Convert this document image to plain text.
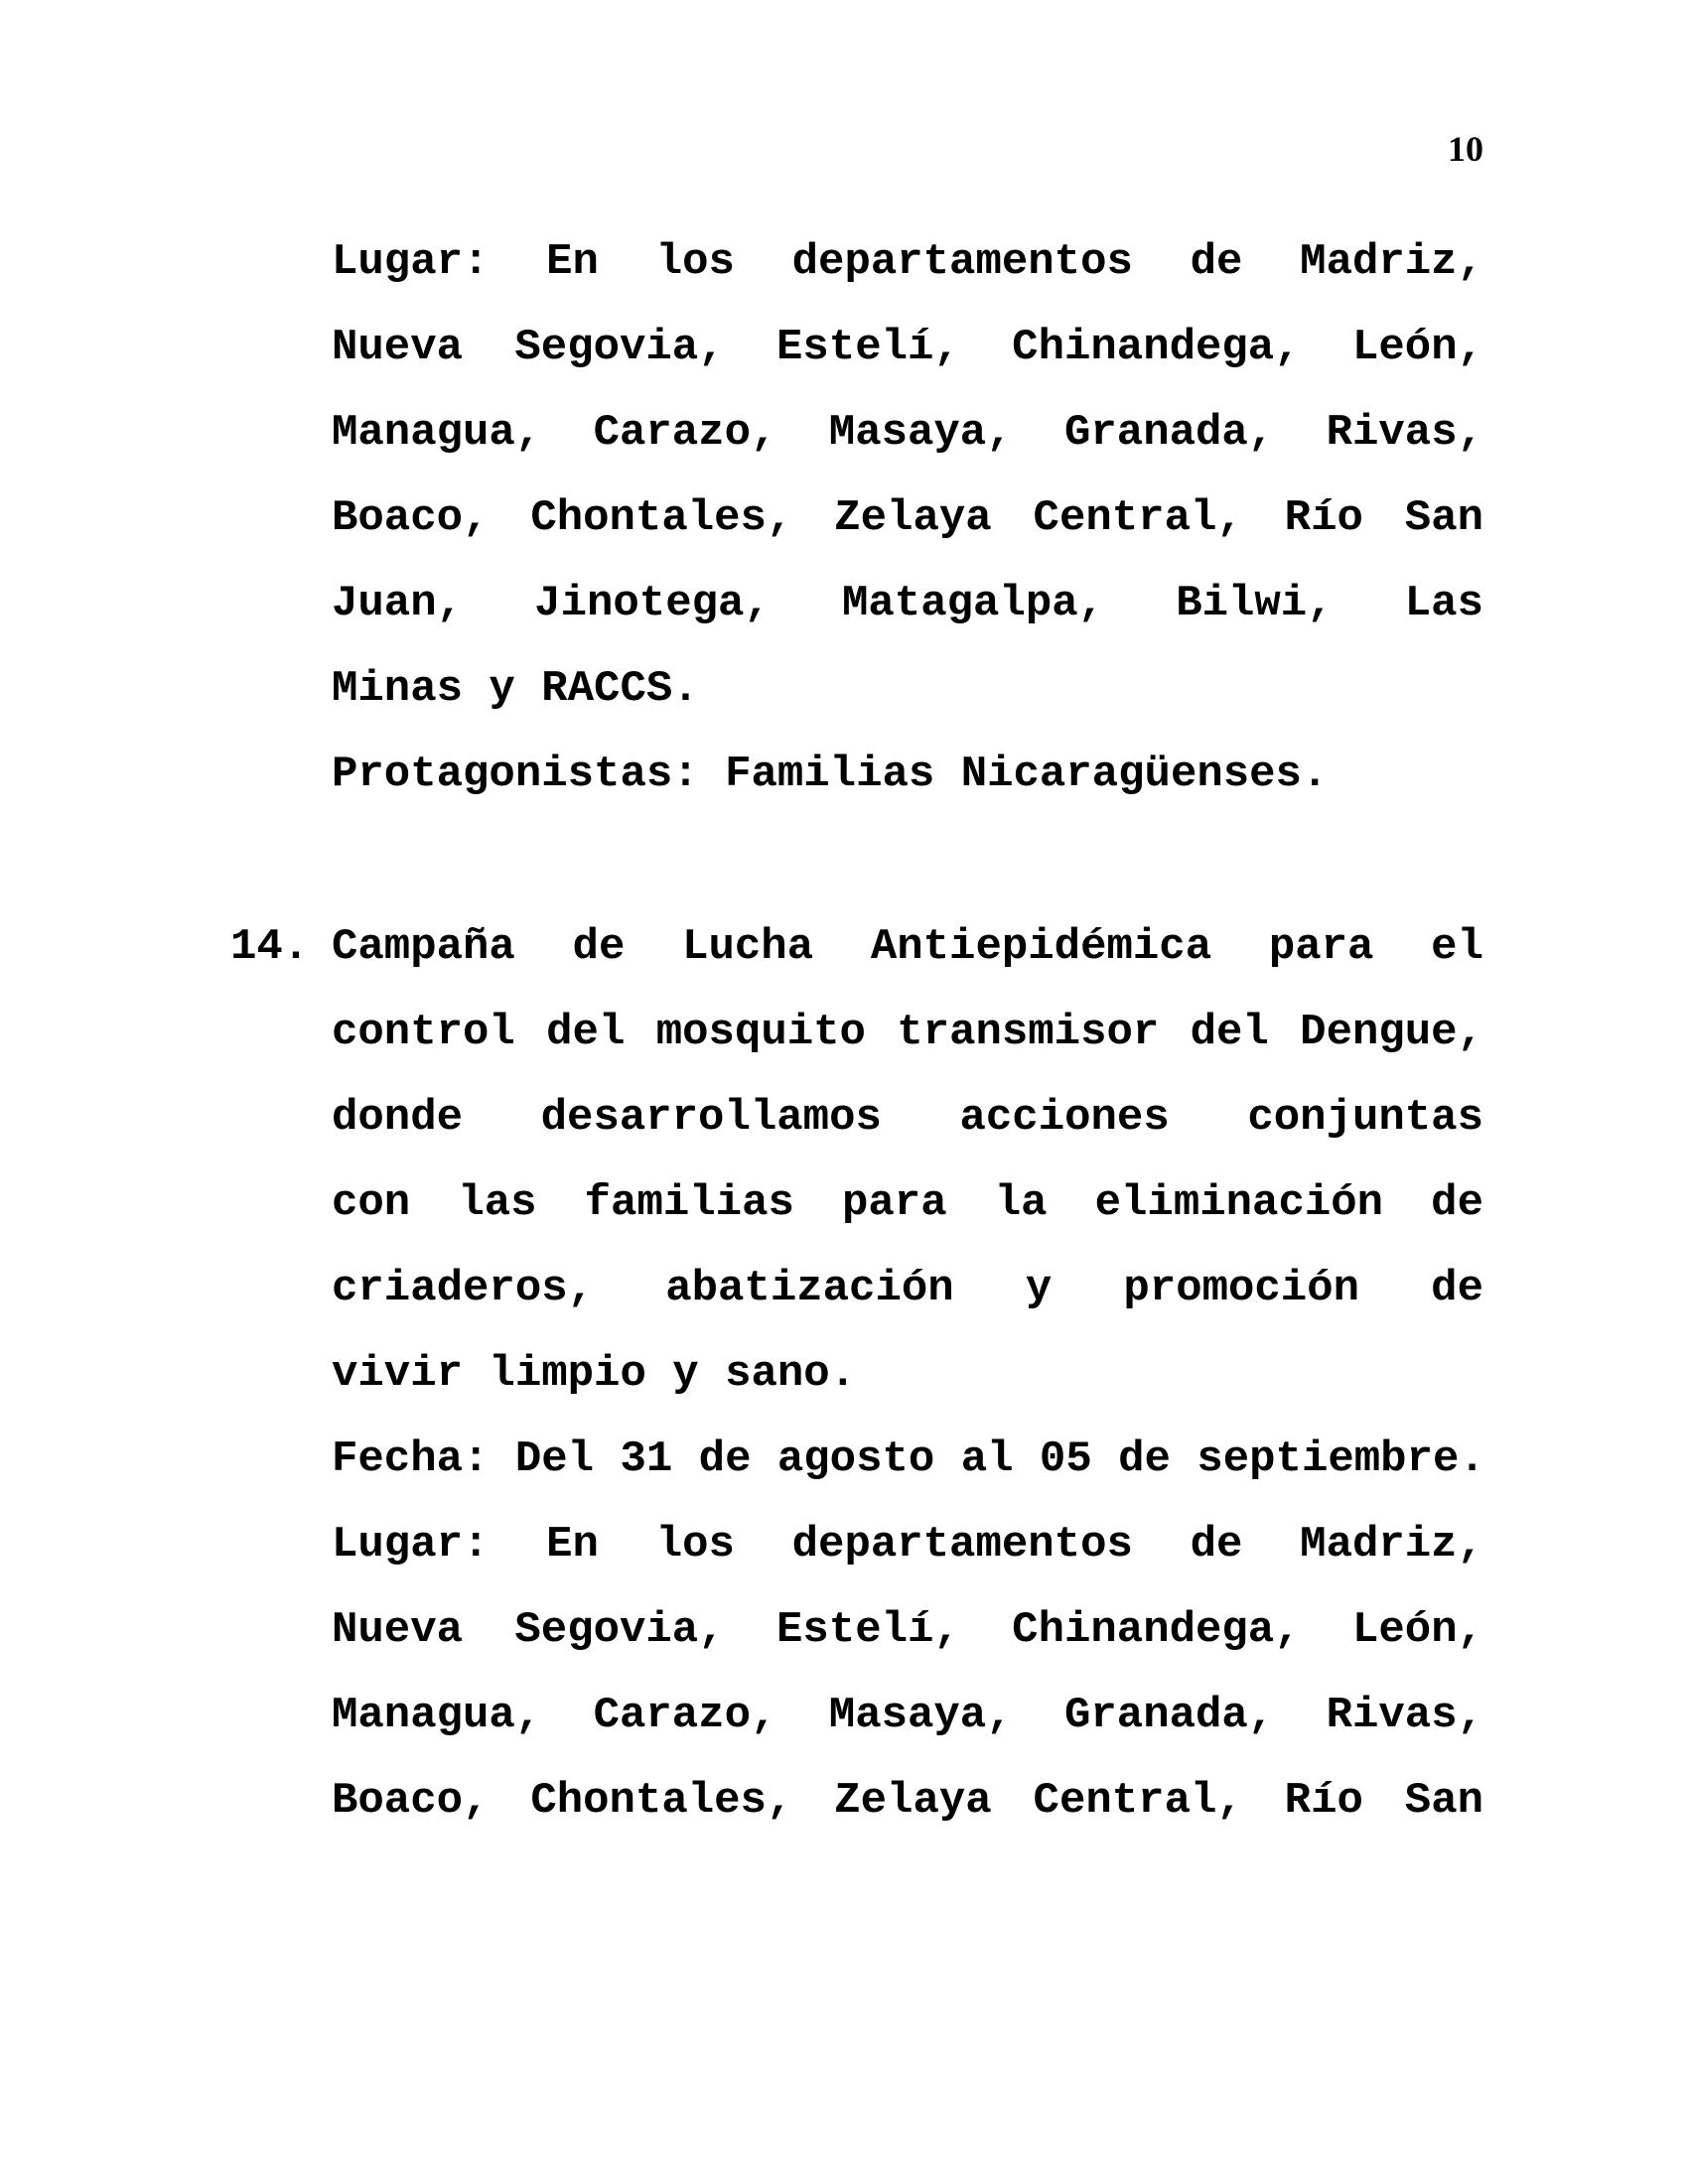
10
Lugar: En los departamentos de Madriz,
Nueva Segovia, Estelí, Chinandega, León,
Managua, Carazo, Masaya, Granada, Rivas,
Boaco, Chontales, Zelaya Central, Río San
Juan, Jinotega, Matagalpa, Bilwi, Las
Minas y RACCS.
Protagonistas: Familias Nicaragüenses.
14. Campaña de Lucha Antiepidémica para el
control del mosquito transmisor del Dengue,
donde desarrollamos acciones conjuntas
con las familias para la eliminación de
criaderos, abatización y promoción de
vivir limpio y sano.
Fecha: Del 31 de agosto al 05 de septiembre.
Lugar: En los departamentos de Madriz,
Nueva Segovia, Estelí, Chinandega, León,
Managua, Carazo, Masaya, Granada, Rivas,
Boaco, Chontales, Zelaya Central, Río San
